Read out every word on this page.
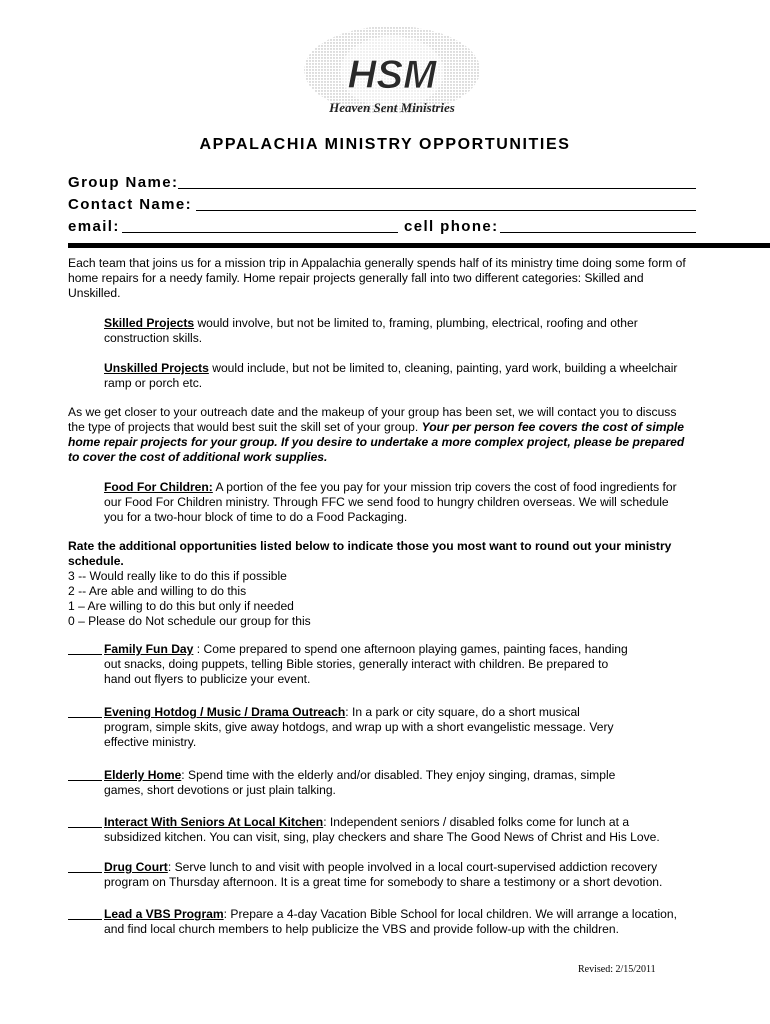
HSM
Heaven Sent Ministries
APPALACHIA MINISTRY OPPORTUNITIES
Group Name:
Contact Name:
email:	cell phone:
Each team that joins us for a mission trip in Appalachia generally spends half of its ministry time doing some form of
home repairs for a needy family. Home repair projects generally fall into two different categories: Skilled and
Unskilled.
Skilled Projects would involve, but not be limited to, framing, plumbing, electrical, roofing and other
construction skills.
Unskilled Projects would include, but not be limited to, cleaning, painting, yard work, building a wheelchair
ramp or porch etc.
As we get closer to your outreach date and the makeup of your group has been set, we will contact you to discuss
the type of projects that would best suit the skill set of your group. Your per person fee covers the cost of simple
home repair projects for your group. If you desire to undertake a more complex project, please be prepared
to cover the cost of additional work supplies.
Food For Children: A portion of the fee you pay for your mission trip covers the cost of food ingredients for
our Food For Children ministry. Through FFC we send food to hungry children overseas. We will schedule
you for a two-hour block of time to do a Food Packaging.
Rate the additional opportunities listed below to indicate those you most want to round out your ministry
schedule.
3 -- Would really like to do this if possible
2 -- Are able and willing to do this
1 – Are willing to do this but only if needed
0 – Please do Not schedule our group for this
Family Fun Day : Come prepared to spend one afternoon playing games, painting faces, handing
out snacks, doing puppets, telling Bible stories, generally interact with children. Be prepared to
hand out flyers to publicize your event.
Evening Hotdog / Music / Drama Outreach: In a park or city square, do a short musical
program, simple skits, give away hotdogs, and wrap up with a short evangelistic message. Very
effective ministry.
Elderly Home: Spend time with the elderly and/or disabled. They enjoy singing, dramas, simple
games, short devotions or just plain talking.
Interact With Seniors At Local Kitchen: Independent seniors / disabled folks come for lunch at a
subsidized kitchen. You can visit, sing, play checkers and share The Good News of Christ and His Love.
Drug Court: Serve lunch to and visit with people involved in a local court-supervised addiction recovery
program on Thursday afternoon. It is a great time for somebody to share a testimony or a short devotion.
Lead a VBS Program: Prepare a 4-day Vacation Bible School for local children. We will arrange a location,
and find local church members to help publicize the VBS and provide follow-up with the children.
Revised: 2/15/2011
